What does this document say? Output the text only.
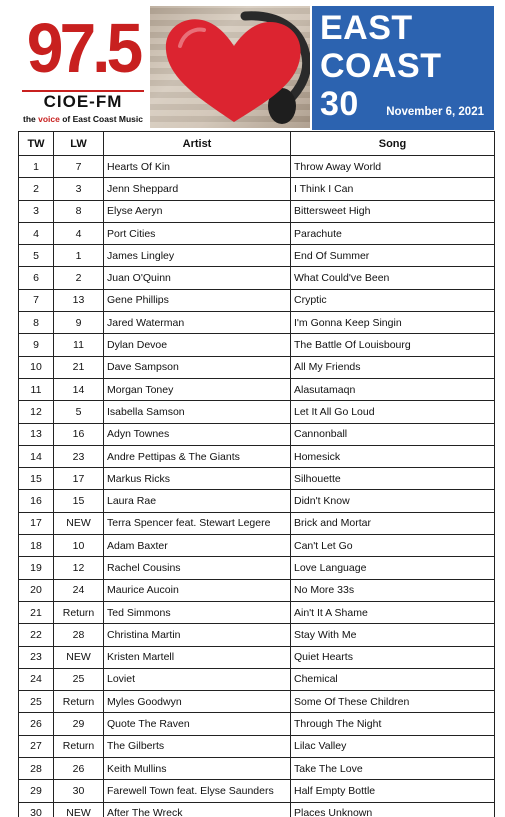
97.5
CIOE-FM
the voice of East Coast Music
EAST
COAST
30 November 6, 2021
TW	LW	Artist	Song
1	7	Hearts Of Kin	Throw Away World
2	3	Jenn Sheppard	I Think I Can
3	8	Elyse Aeryn	Bittersweet High
4	4	Port Cities	Parachute
5	1	James Lingley	End Of Summer
6	2	Juan O'Quinn	What Could've Been
7	13	Gene Phillips	Cryptic
8	9	Jared Waterman	I'm Gonna Keep Singin
9	11	Dylan Devoe	The Battle Of Louisbourg
10	21	Dave Sampson	All My Friends
11	14	Morgan Toney	Alasutamaqn
12	5	Isabella Samson	Let It All Go Loud
13	16	Adyn Townes	Cannonball
14	23	Andre Pettipas & The Giants	Homesick
15	17	Markus Ricks	Silhouette
16	15	Laura Rae	Didn't Know
17	NEW	Terra Spencer feat. Stewart Legere	Brick and Mortar
18	10	Adam Baxter	Can't Let Go
19	12	Rachel Cousins	Love Language
20	24	Maurice Aucoin	No More 33s
21	Return	Ted Simmons	Ain't It A Shame
22	28	Christina Martin	Stay With Me
23	NEW	Kristen Martell	Quiet Hearts
24	25	Loviet	Chemical
25	Return	Myles Goodwyn	Some Of These Children
26	29	Quote The Raven	Through The Night
27	Return	The Gilberts	Lilac Valley
28	26	Keith Mullins	Take The Love
29	30	Farewell Town feat. Elyse Saunders	Half Empty Bottle
30	NEW	After The Wreck	Places Unknown
